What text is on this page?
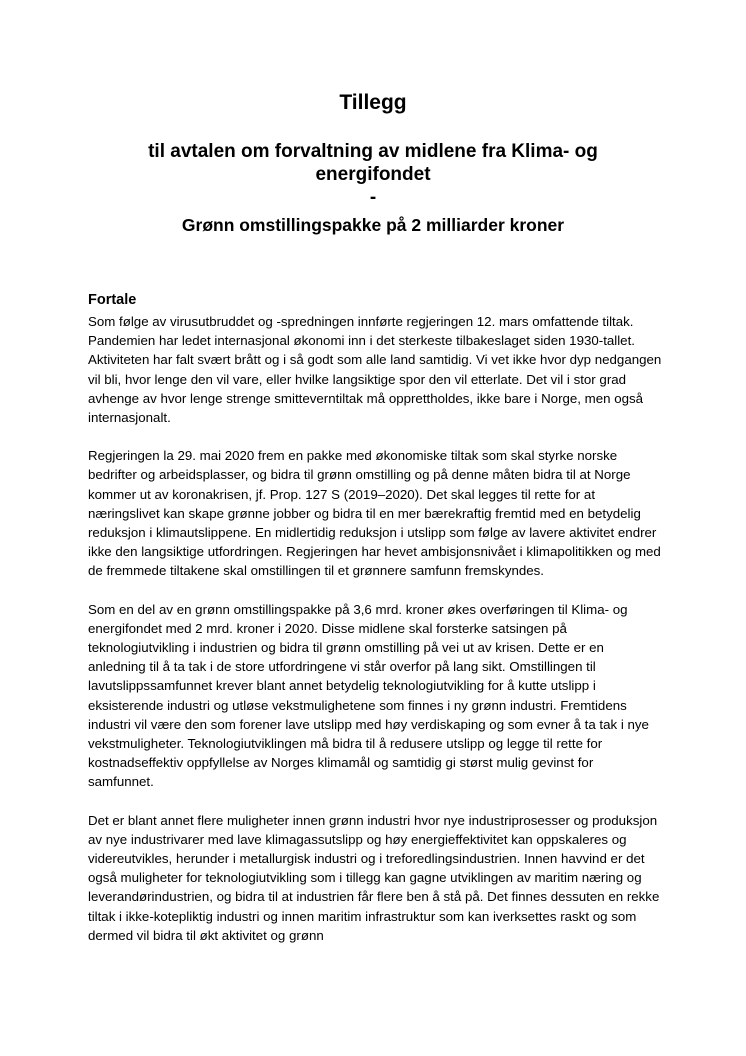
Tillegg
til avtalen om forvaltning av midlene fra Klima- og energifondet
-
Grønn omstillingspakke på 2 milliarder kroner
Fortale

Som følge av virusutbruddet og -spredningen innførte regjeringen 12. mars omfattende tiltak. Pandemien har ledet internasjonal økonomi inn i det sterkeste tilbakeslaget siden 1930-tallet. Aktiviteten har falt svært brått og i så godt som alle land samtidig. Vi vet ikke hvor dyp nedgangen vil bli, hvor lenge den vil vare, eller hvilke langsiktige spor den vil etterlate. Det vil i stor grad avhenge av hvor lenge strenge smitteverntiltak må opprettholdes, ikke bare i Norge, men også internasjonalt.

Regjeringen la 29. mai 2020 frem en pakke med økonomiske tiltak som skal styrke norske bedrifter og arbeidsplasser, og bidra til grønn omstilling og på denne måten bidra til at Norge kommer ut av koronakrisen, jf. Prop. 127 S (2019–2020). Det skal legges til rette for at næringslivet kan skape grønne jobber og bidra til en mer bærekraftig fremtid med en betydelig reduksjon i klimautslippene. En midlertidig reduksjon i utslipp som følge av lavere aktivitet endrer ikke den langsiktige utfordringen. Regjeringen har hevet ambisjonsnivået i klimapolitikken og med de fremmede tiltakene skal omstillingen til et grønnere samfunn fremskyndes.

Som en del av en grønn omstillingspakke på 3,6 mrd. kroner økes overføringen til Klima- og energifondet med 2 mrd. kroner i 2020. Disse midlene skal forsterke satsingen på teknologiutvikling i industrien og bidra til grønn omstilling på vei ut av krisen. Dette er en anledning til å ta tak i de store utfordringene vi står overfor på lang sikt. Omstillingen til lavutslippssamfunnet krever blant annet betydelig teknologiutvikling for å kutte utslipp i eksisterende industri og utløse vekstmulighetene som finnes i ny grønn industri. Fremtidens industri vil være den som forener lave utslipp med høy verdiskaping og som evner å ta tak i nye vekstmuligheter. Teknologiutviklingen må bidra til å redusere utslipp og legge til rette for kostnadseffektiv oppfyllelse av Norges klimamål og samtidig gi størst mulig gevinst for samfunnet.

Det er blant annet flere muligheter innen grønn industri hvor nye industriprosesser og produksjon av nye industrivarer med lave klimagassutslipp og høy energieffektivitet kan oppskaleres og videreutvikles, herunder i metallurgisk industri og i treforedlingsindustrien. Innen havvind er det også muligheter for teknologiutvikling som i tillegg kan gagne utviklingen av maritim næring og leverandørindustrien, og bidra til at industrien får flere ben å stå på. Det finnes dessuten en rekke tiltak i ikke-kotepliktig industri og innen maritim infrastruktur som kan iverksettes raskt og som dermed vil bidra til økt aktivitet og grønn
